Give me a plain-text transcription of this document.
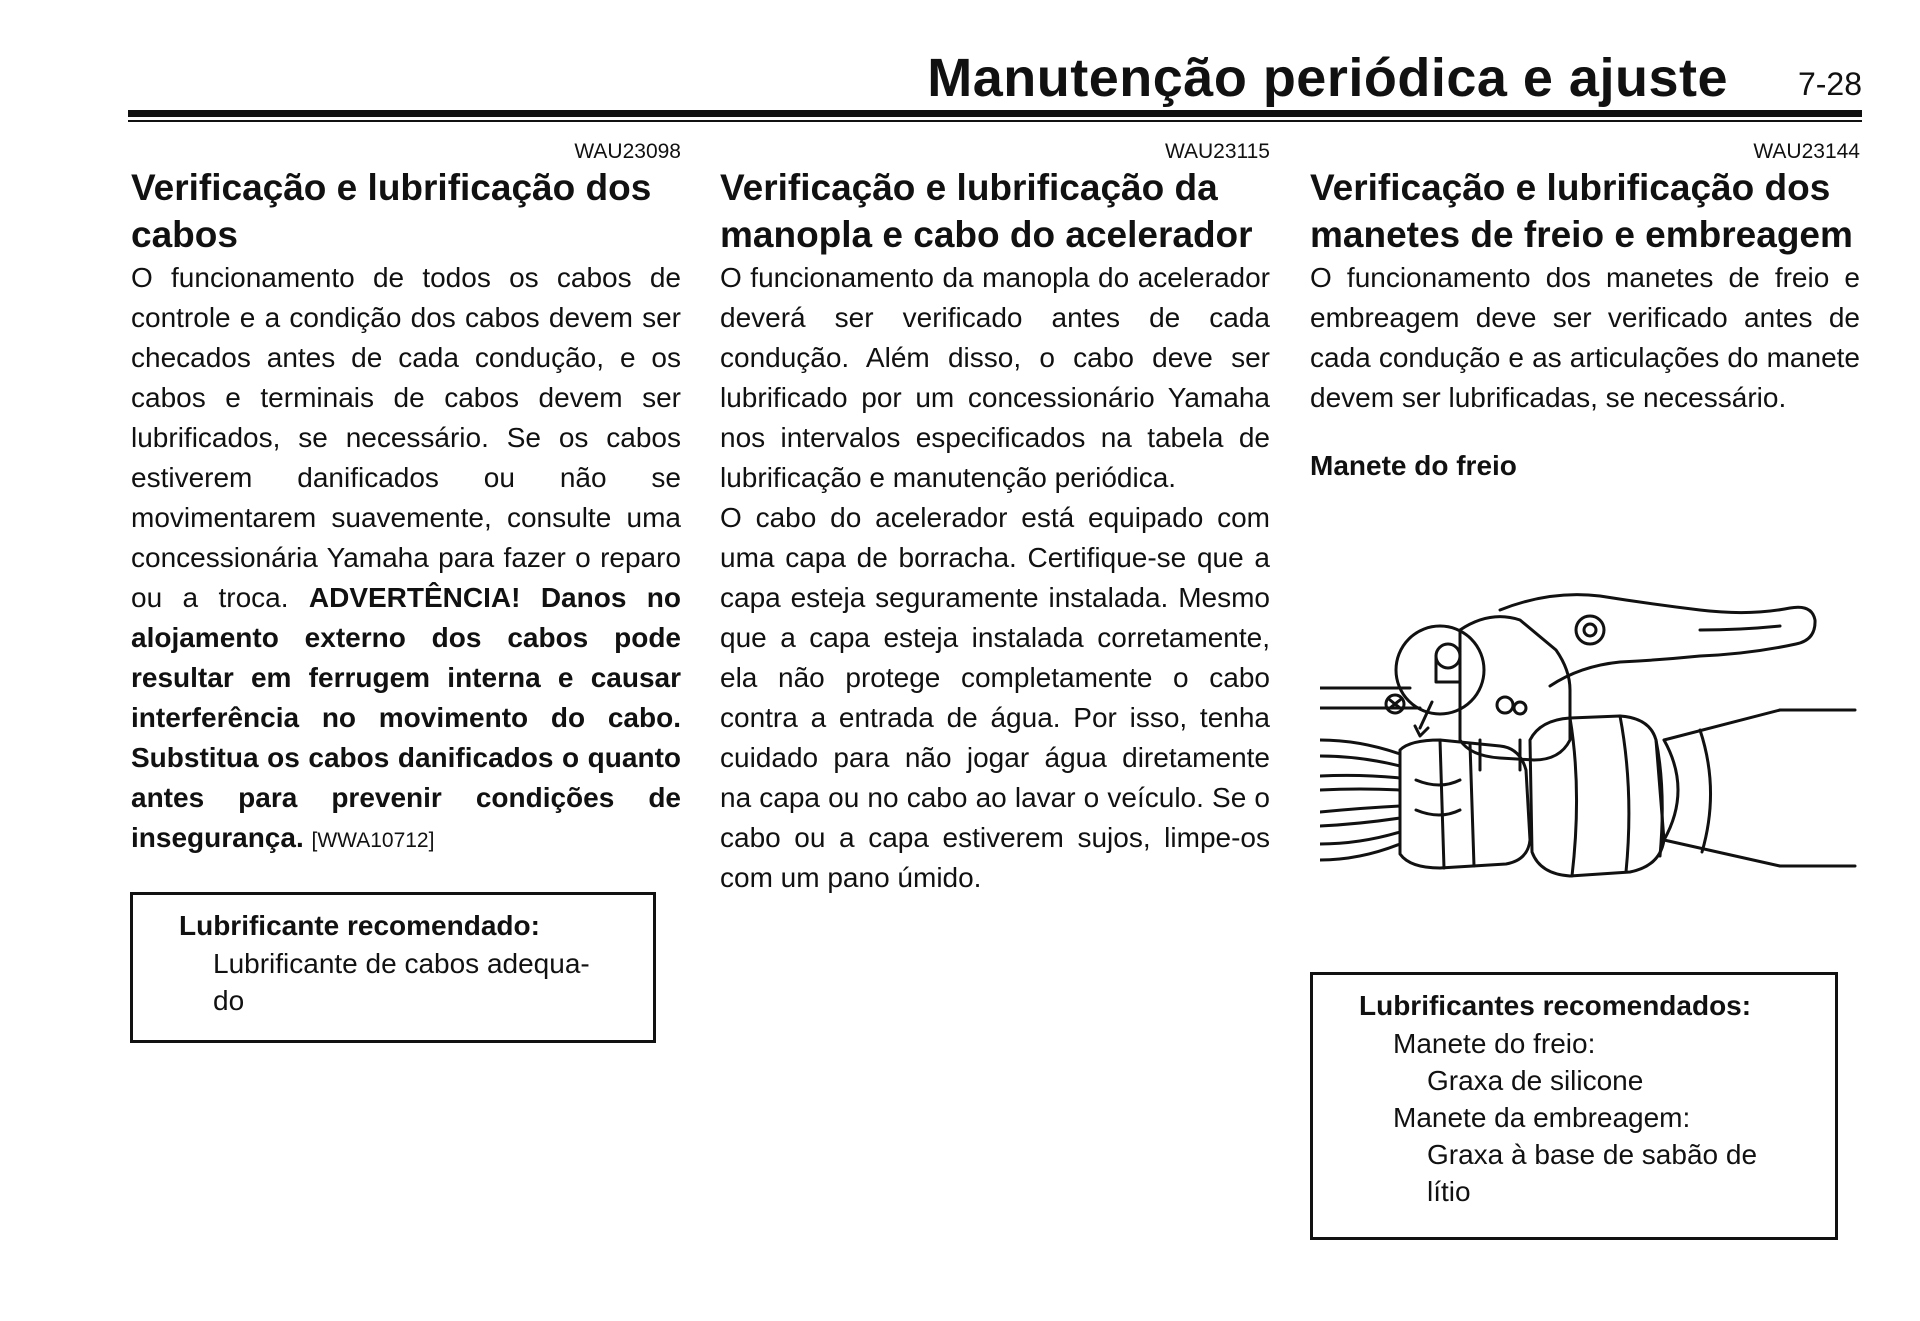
Manutenção periódica e ajuste 7-28
WAU23098
Verificação e lubrificação dos
cabos

O funcionamento de todos os cabos de controle e a condição dos cabos devem ser checados antes de cada condução, e os cabos e terminais de cabos devem ser lubrificados, se necessário. Se os cabos estiverem danificados ou não se movimentarem suavemente, consulte uma concessionária Yamaha para fazer o reparo ou a troca. ADVERTÊNCIA! Danos no alojamento externo dos cabos pode resultar em ferrugem interna e causar interferência no movimento do cabo. Substitua os cabos danificados o quanto antes para prevenir condições de insegurança. [WWA10712]

Lubrificante recomendado:
Lubrificante de cabos adequa-
do
WAU23115
Verificação e lubrificação da
manopla e cabo do acelerador

O funcionamento da manopla do acelerador deverá ser verificado antes de cada condução. Além disso, o cabo deve ser lubrificado por um concessionário Yamaha nos intervalos especificados na tabela de lubrificação e manutenção periódica.

O cabo do acelerador está equipado com uma capa de borracha. Certifique-se que a capa esteja seguramente instalada. Mesmo que a capa esteja instalada corretamente, ela não protege completamente o cabo contra a entrada de água. Por isso, tenha cuidado para não jogar água diretamente na capa ou no cabo ao lavar o veículo. Se o cabo ou a capa estiverem sujos, limpe-os com um pano úmido.

WAU23144
Verificação e lubrificação dos
manetes de freio e embreagem

O funcionamento dos manetes de freio e embreagem deve ser verificado antes de cada condução e as articulações do manete devem ser lubrificadas, se necessário.

Manete do freio
Lubrificantes recomendados:
Manete do freio:
Graxa de silicone
Manete da embreagem:
Graxa à base de sabão de
lítio
